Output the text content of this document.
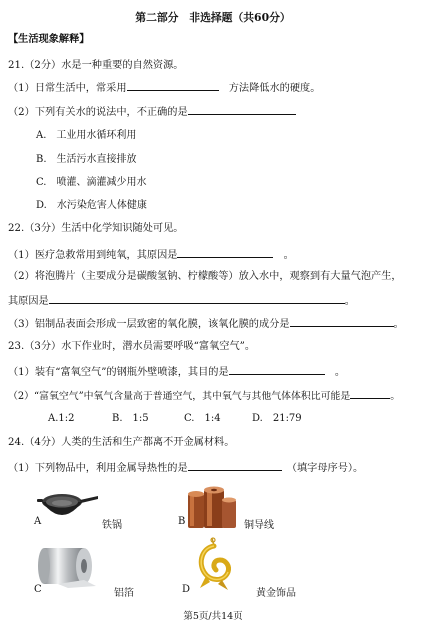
第二部分　非选择题（共60分）
【生活现象解释】
21.（2分）水是一种重要的自然资源。
（1）日常生活中，常采用　	方法降低水的硬度。
（2）下列有关水的说法中，不正确的是
A.　工业用水循环利用
B.　生活污水直接排放
C.　喷灌、滴灌减少用水
D.　水污染危害人体健康
22.（3分）生活中化学知识随处可见。
（1）医疗急救常用到纯氧，其原因是　	。
（2）将泡腾片（主要成分是碳酸氢钠、柠檬酸等）放入水中，观察到有大量气泡产生，
其原因是	。
（3）铝制品表面会形成一层致密的氧化膜，该氧化膜的成分是	。
23.（3分）水下作业时，潜水员需要呼吸“富氧空气”。
（1）装有“富氧空气”的钢瓶外壁喷漆，其目的是　	。
（2）“富氧空气”中氧气含量高于普通空气，其中氧气与其他气体体积比可能是	。
A.1:2	B.　1:5	C.　1:4	D.　21:79
24.（4分）人类的生活和生产都离不开金属材料。
（1）下列物品中，利用金属导热性的是　	（填字母序号）。
A	铁锅	B	铜导线
C	铝箔	D	黄金饰品
第5页/共14页
